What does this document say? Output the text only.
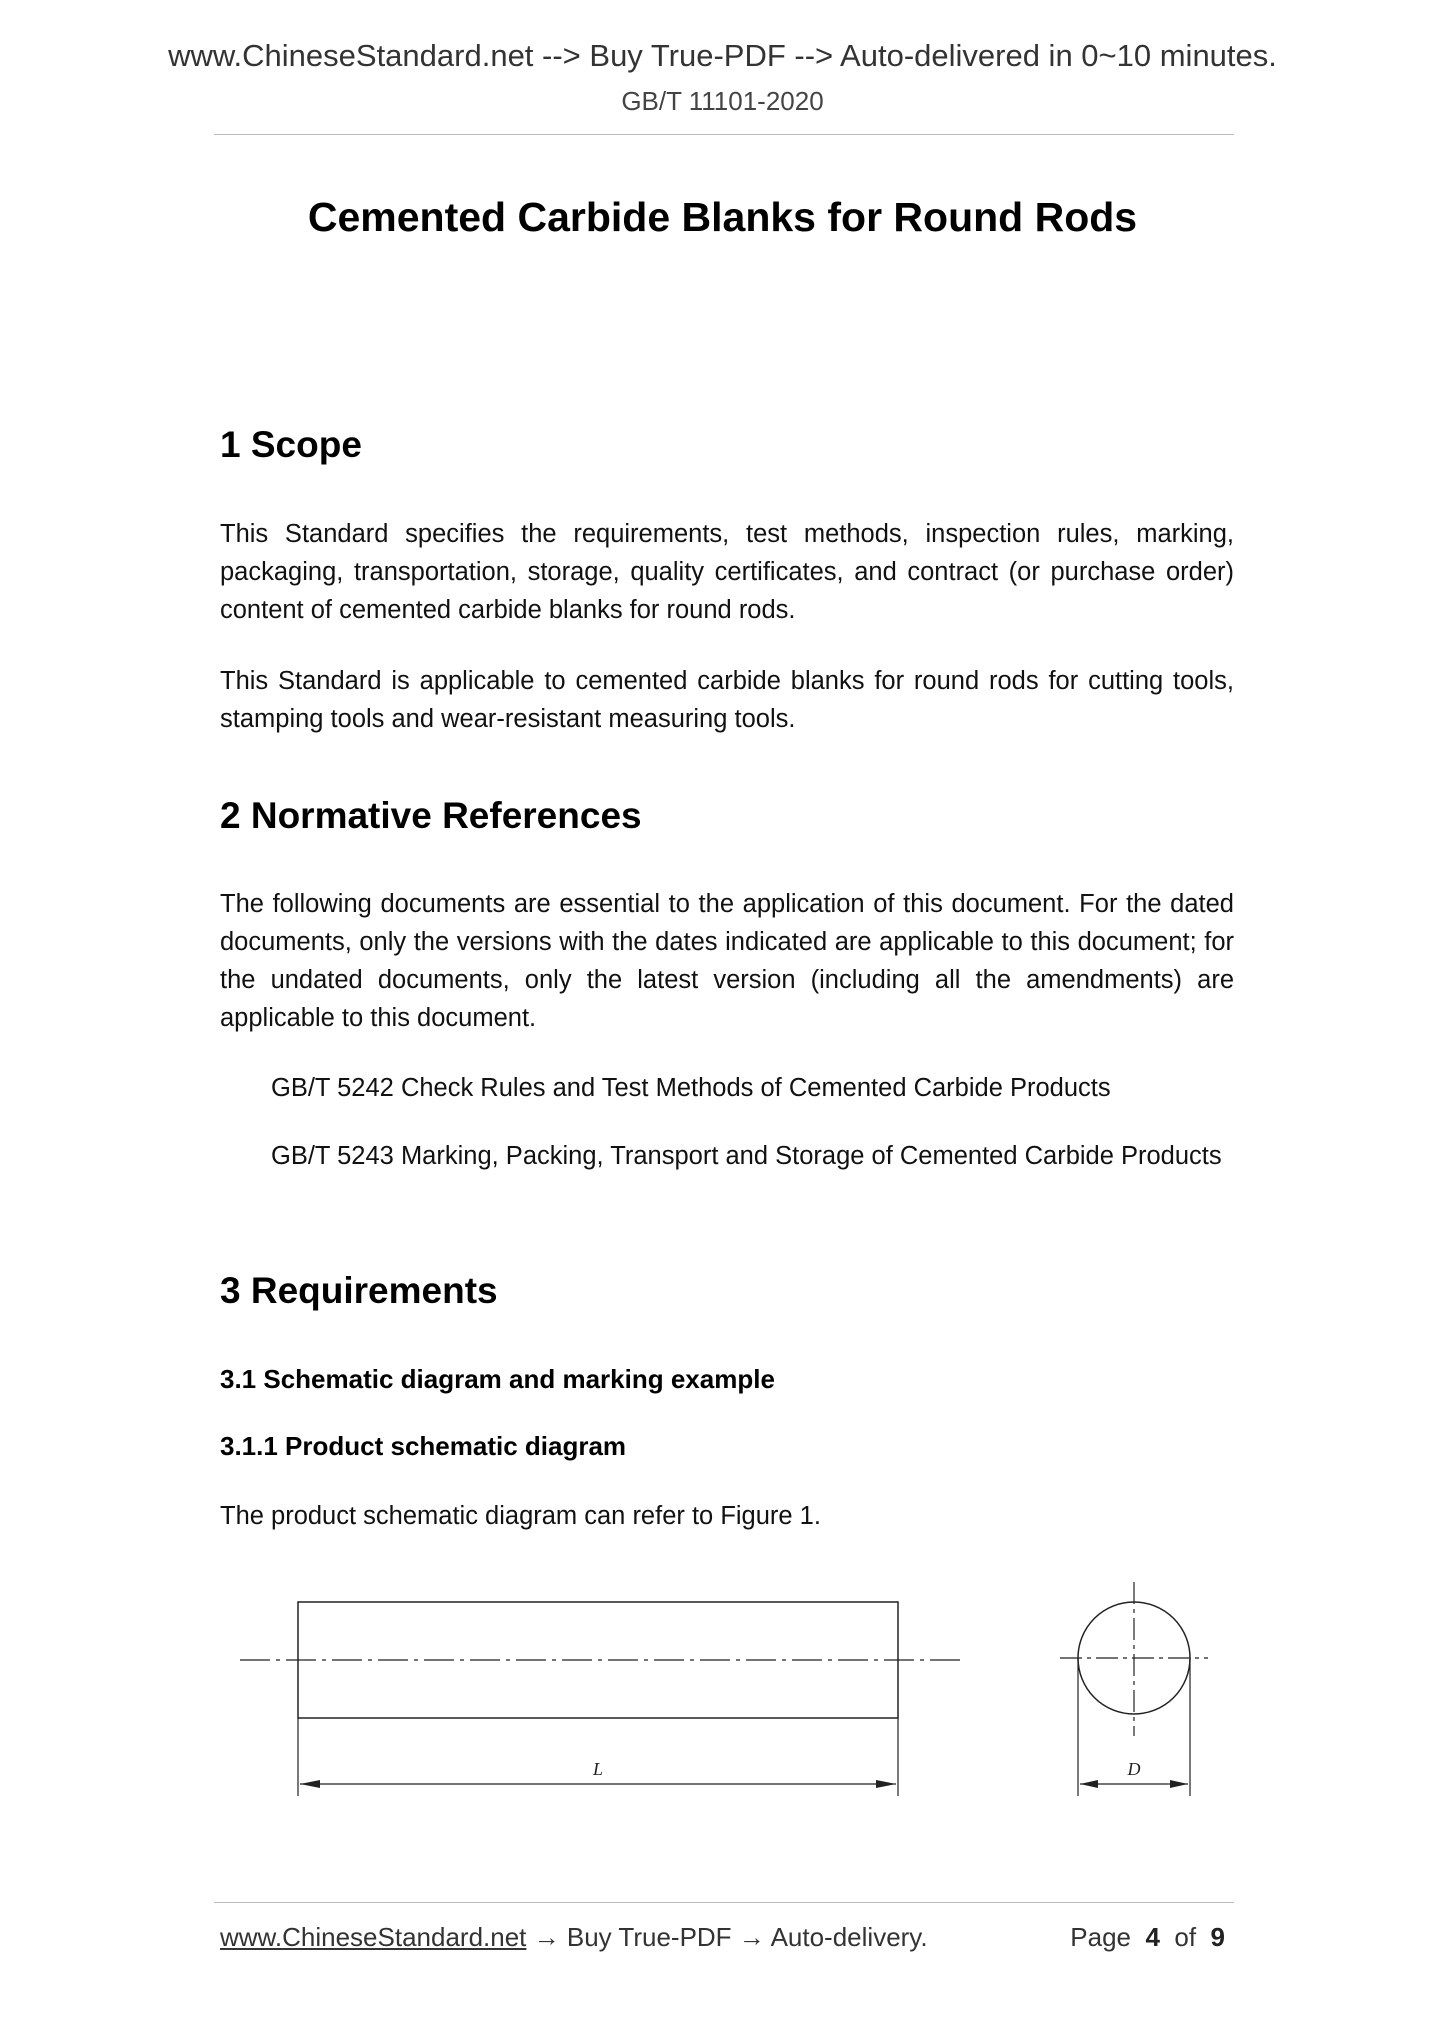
www.ChineseStandard.net --> Buy True-PDF --> Auto-delivered in 0~10 minutes.
GB/T 11101-2020
Cemented Carbide Blanks for Round Rods
1 Scope

This Standard specifies the requirements, test methods, inspection rules, marking, packaging, transportation, storage, quality certificates, and contract (or purchase order) content of cemented carbide blanks for round rods.

This Standard is applicable to cemented carbide blanks for round rods for cutting tools, stamping tools and wear-resistant measuring tools.

2 Normative References

The following documents are essential to the application of this document. For the dated documents, only the versions with the dates indicated are applicable to this document; for the undated documents, only the latest version (including all the amendments) are applicable to this document.

GB/T 5242 Check Rules and Test Methods of Cemented Carbide Products

GB/T 5243 Marking, Packing, Transport and Storage of Cemented Carbide Products

3 Requirements
3.1 Schematic diagram and marking example
3.1.1 Product schematic diagram

The product schematic diagram can refer to Figure 1.

L	D
www.ChineseStandard.net → Buy True-PDF → Auto-delivery.	Page 4 of 9
